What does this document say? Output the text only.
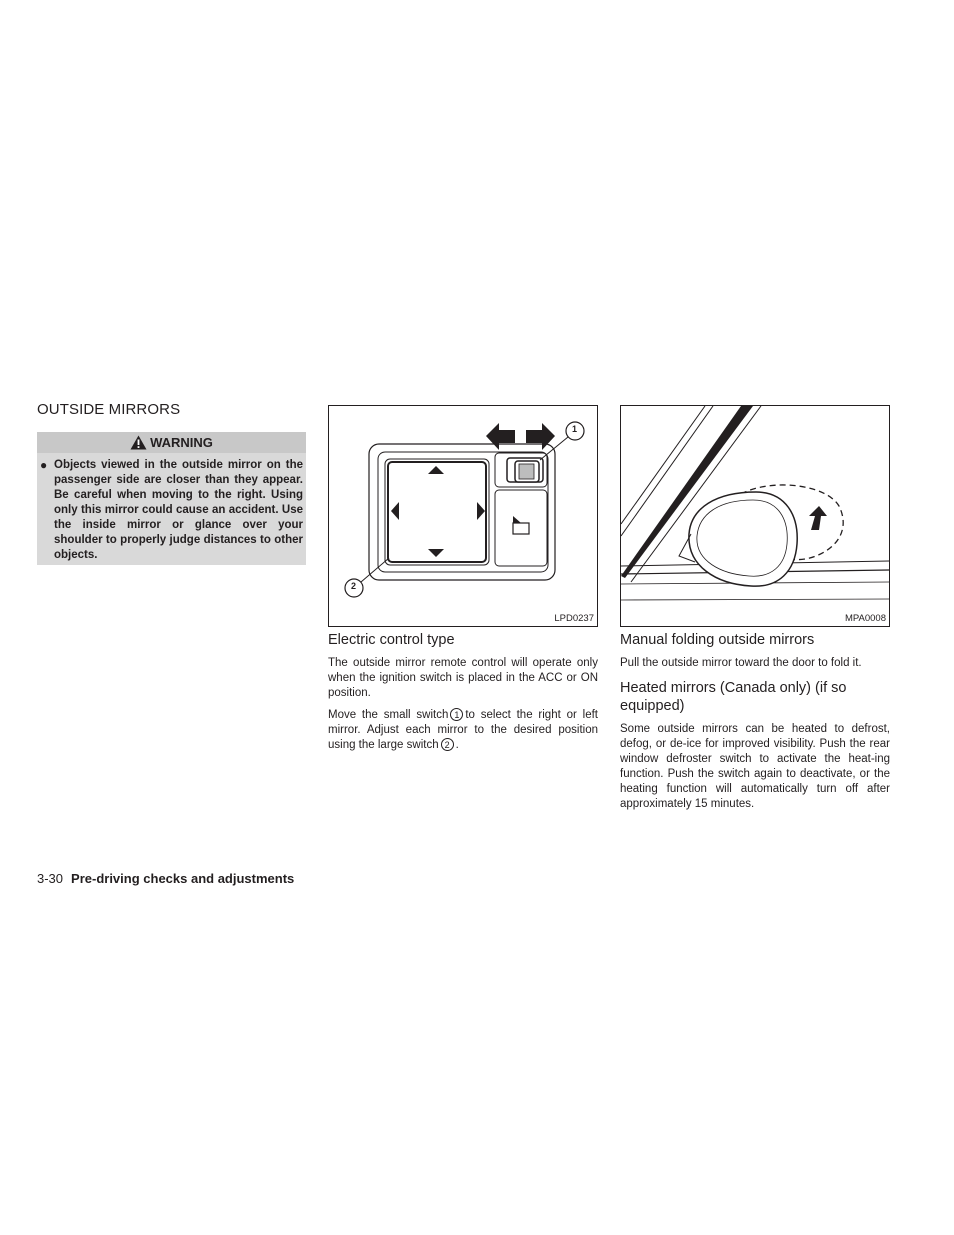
OUTSIDE MIRRORS
WARNING
● Objects viewed in the outside mirror on the passenger side are closer than they appear. Be careful when moving to the right. Using only this mirror could cause an accident. Use the inside mirror or glance over your shoulder to properly judge distances to other objects.
1
2
LPD0237	MPA0008
Electric control type
The outside mirror remote control will operate only when the ignition switch is placed in the ACC or ON position.
Move the small switch 1 to select the right or left mirror. Adjust each mirror to the desired position using the large switch 2 .
Manual folding outside mirrors
Pull the outside mirror toward the door to fold it.
Heated mirrors (Canada only) (if so equipped)
Some outside mirrors can be heated to defrost, defog, or de-ice for improved visibility. Push the rear window defroster switch to activate the heat-ing function. Push the switch again to deactivate, or the heating function will automatically turn off after approximately 15 minutes.
3-30 Pre-driving checks and adjustments
